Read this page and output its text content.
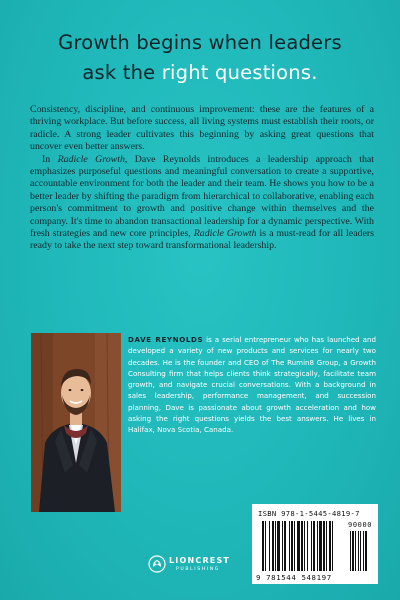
Growth begins when leaders
ask the right questions.

Consistency, discipline, and continuous improvement: these are the features of a thriving workplace. But before success, all living systems must establish their roots, or radicle. A strong leader cultivates this beginning by asking great questions that uncover even better answers.

In Radicle Growth, Dave Reynolds introduces a leadership approach that emphasizes purposeful questions and meaningful conversation to create a supportive, accountable environment for both the leader and their team. He shows you how to be a better leader by shifting the paradigm from hierarchical to collaborative, enabling each person's commitment to growth and positive change within themselves and the company. It's time to abandon transactional leadership for a dynamic perspective. With fresh strategies and new core principles, Radicle Growth is a must-read for all leaders ready to take the next step toward transformational leadership.

DAVE REYNOLDS is a serial entrepreneur who has launched and developed a variety of new products and services for nearly two decades. He is the founder and CEO of The Rumin8 Group, a Growth Consulting firm that helps clients think strategically, facilitate team growth, and navigate crucial conversations. With a background in sales leadership, performance management, and succession planning, Dave is passionate about growth acceleration and how asking the right questions yields the best answers. He lives in Halifax, Nova Scotia, Canada.
LIONCREST
PUBLISHING
ISBN 978-1-5445-4819-7
90000
9 781544 548197
